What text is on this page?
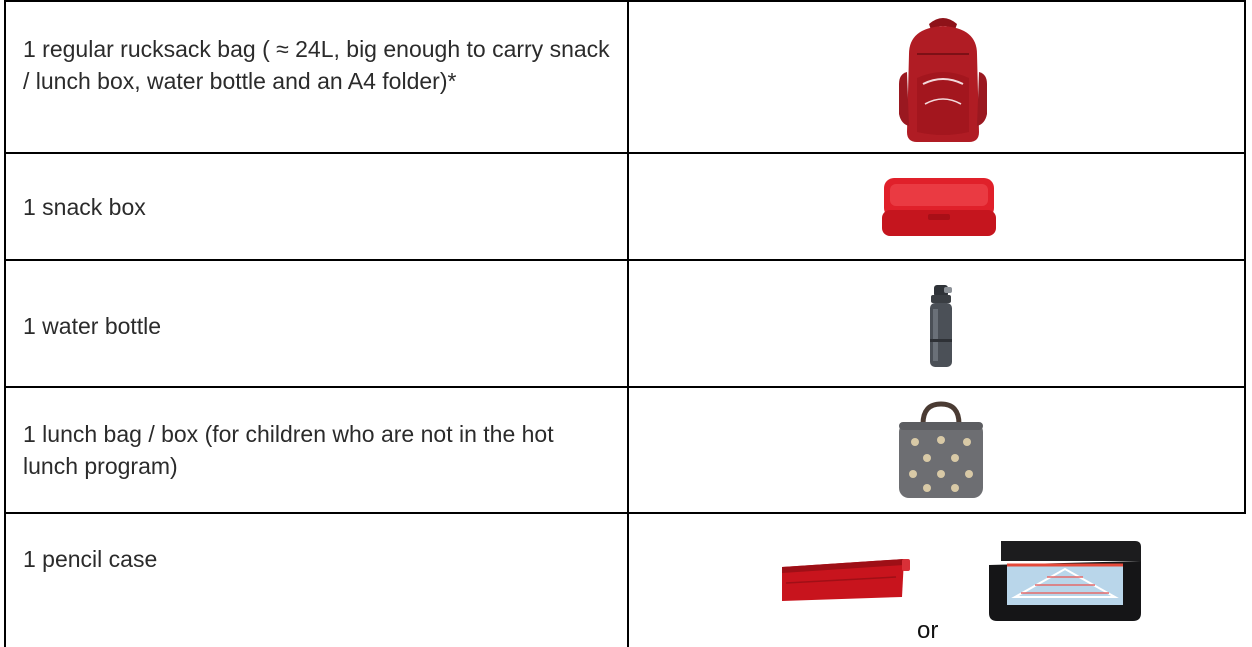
1 regular rucksack bag ( ≈ 24L, big enough to carry snack / lunch box, water bottle and an A4 folder)*
1 snack box
1 water bottle
1 lunch bag / box (for children who are not in the hot lunch program)
1 pencil case
or
